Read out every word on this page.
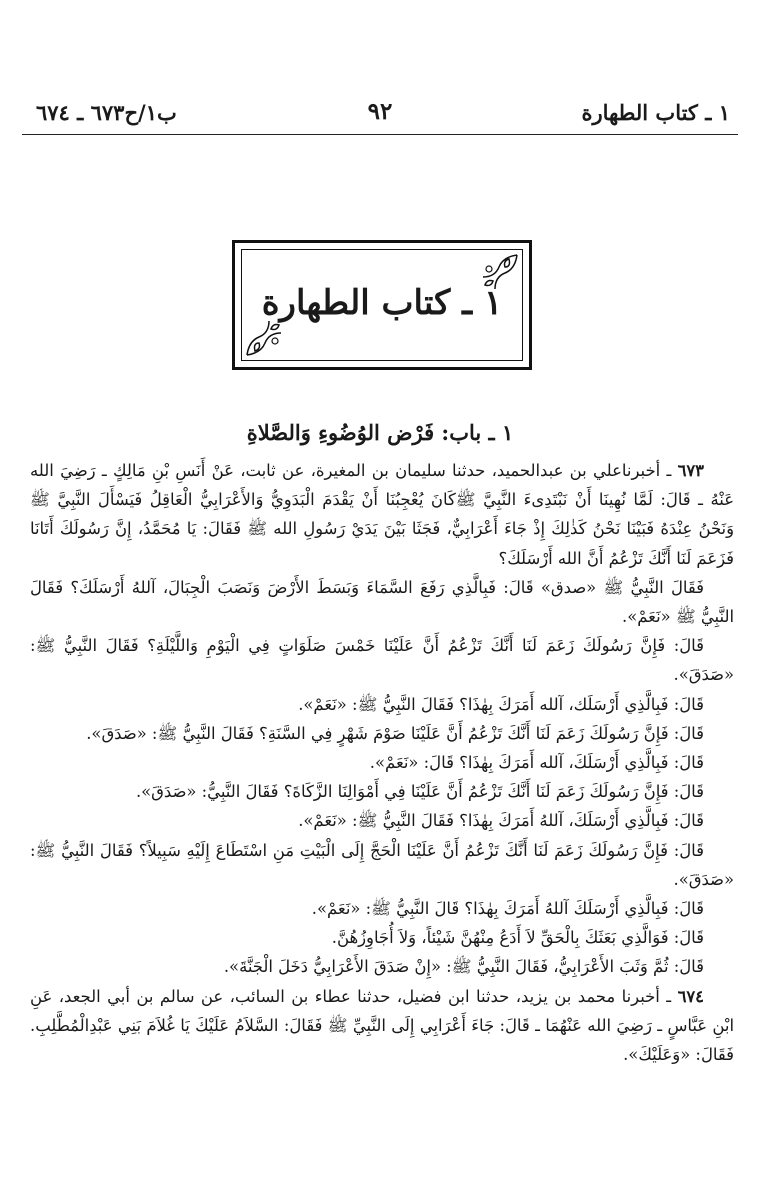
١ ـ كتاب الطهارة
٩٢
ب١/ح٦٧٣ ـ ٦٧٤
١ ـ كتاب الطهارة
١ ـ باب: فَرْض الوُضُوءِ وَالصَّلاةِ

٦٧٣ ـ أخبرناعلي بن عبدالحميد، حدثنا سليمان بن المغيرة، عن ثابت، عَنْ أَنَسِ بْنِ مَالِكٍ ـ رَضِيَ الله عَنْهُ ـ قَالَ: لَمَّا نُهِينَا أَنْ نَبْتَدِىءَ النَّبِيَّ ﷺكَانَ يُعْجِبُنَا أَنْ يَقْدَمَ الْبَدَوِيُّ وَالأَعْرَابِيُّ الْعَاقِلُ فَيَسْأَلَ النَّبِيَّ ﷺ وَنَحْنُ عِنْدَهُ فَبَيْنَا نَحْنُ كَذٰلِكَ إِذْ جَاءَ أَعْرَابِيٌّ، فَجَثَا بَيْنَ يَدَيْ رَسُولِ الله ﷺ فَقَالَ: يَا مُحَمَّدُ، إِنَّ رَسُولَكَ أَتَانَا فَزَعَمَ لَنَا أَنَّكَ تَزْعُمُ أَنَّ الله أَرْسَلَكَ؟

فَقَالَ النَّبِيُّ ﷺ «صدق» قَالَ: فَبِالَّذِي رَفَعَ السَّمَاءَ وَبَسَطَ الأَرْضَ وَنَصَبَ الْجِبَالَ، آللهُ أَرْسَلَكَ؟ فَقَالَ النَّبِيُّ ﷺ «نَعَمْ».

قَالَ: فَإِنَّ رَسُولَكَ زَعَمَ لَنَا أَنَّكَ تَزْعُمُ أَنَّ عَلَيْنَا خَمْسَ صَلَوَاتٍ فِي الْيَوْمِ وَاللَّيْلَةِ؟ فَقَالَ النَّبِيُّ ﷺ: «صَدَقَ».

قَالَ: فَبِالَّذِي أَرْسَلَك، آلله أَمَرَكَ بِهٰذَا؟ فَقَالَ النَّبِيُّ ﷺ: «نَعَمْ».

قَالَ: فَإِنَّ رَسُولَكَ زَعَمَ لَنَا أَنَّكَ تَزْعُمُ أَنَّ عَلَيْنَا صَوْمَ شَهْرٍ فِي السَّنَةِ؟ فَقَالَ النَّبِيُّ ﷺ: «صَدَقَ».

قَالَ: فَبِالَّذِي أَرْسَلَكَ، آلله أَمَرَكَ بِهٰذَا؟ قَالَ: «نَعَمْ».

قَالَ: فَإِنَّ رَسُولَكَ زَعَمَ لَنَا أَنَّكَ تَزْعُمُ أَنَّ عَلَيْنَا فِي أَمْوَالِنَا الزَّكَاةَ؟ فَقَالَ النَّبِيُّ: «صَدَقَ».

قَالَ: فَبِالَّذِي أَرْسَلَكَ، آللهُ أَمَرَكَ بِهٰذَا؟ فَقَالَ النَّبِيُّ ﷺ: «نَعَمْ».

قَالَ: فَإِنَّ رَسُولَكَ زَعَمَ لَنَا أَنَّكَ تَزْعُمُ أَنَّ عَلَيْنَا الْحَجَّ إِلَى الْبَيْتِ مَنِ اسْتَطَاعَ إِلَيْهِ سَبِيلاً؟ فَقَالَ النَّبِيُّ ﷺ: «صَدَقَ».

قَالَ: فَبِالَّذِي أَرْسَلَكَ آللهُ أَمَرَكَ بِهٰذَا؟ قَالَ النَّبِيُّ ﷺ: «نَعَمْ».

قَالَ: فَوَالَّذِي بَعَثَكَ بِالْحَقِّ لاَ أَدَعُ مِنْهُنَّ شَيْئاً، وَلاَ أُجَاوِزُهُنَّ.

قَالَ: ثُمَّ وَثَبَ الأَعْرَابِيُّ، فَقَالَ النَّبِيُّ ﷺ: «إِنْ صَدَقَ الأَعْرَابِيُّ دَخَلَ الْجَنَّةَ».

٦٧٤ ـ أخبرنا محمد بن يزيد، حدثنا ابن فضيل، حدثنا عطاء بن السائب، عن سالم بن أبي الجعد، عَنِ ابْنِ عَبَّاسٍ ـ رَضِيَ الله عَنْهُمَا ـ قَالَ: جَاءَ أَعْرَابِي إِلَى النَّبِيِّ ﷺ فَقَالَ: السَّلاَمُ عَلَيْكَ يَا غُلاَمَ بَنِي عَبْدِالْمُطَّلِبِ. فَقَالَ: «وَعَلَيْكَ».
